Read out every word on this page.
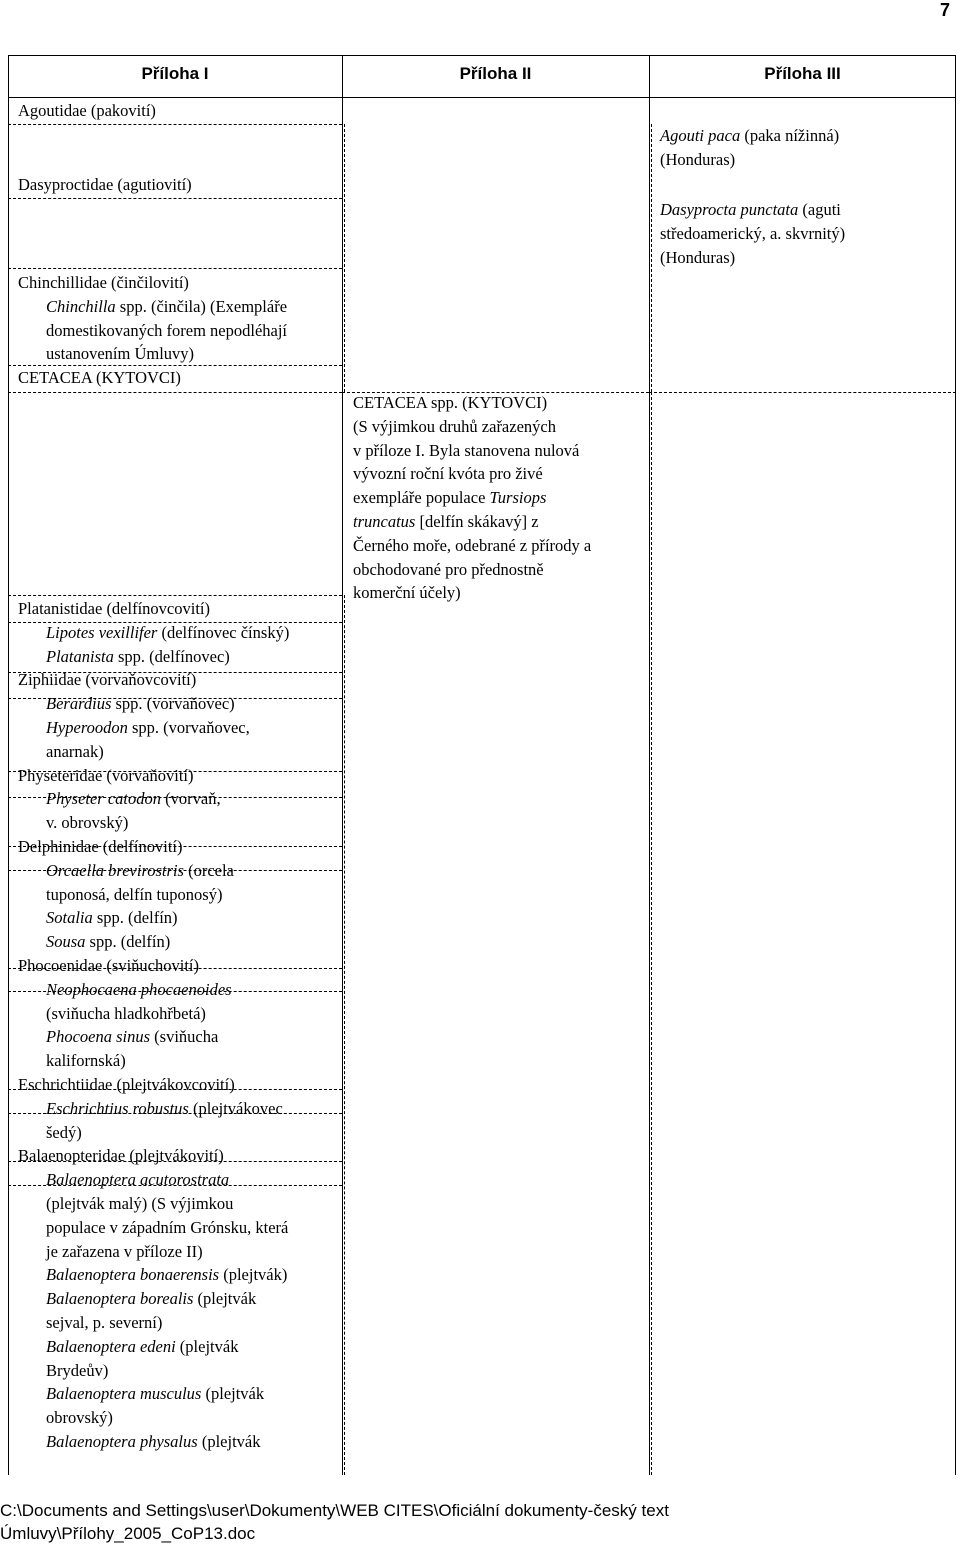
7
Příloha I	Příloha II	Příloha III
Agoutidae (pakovití)
Dasyproctidae (agutiovití)
Chinchillidae (činčilovití)
Chinchilla spp. (činčila) (Exempláře
domestikovaných forem nepodléhají
ustanovením Úmluvy)
CETACEA (KYTOVCI)
Platanistidae (delfínovcovití)
Lipotes vexillifer (delfínovec čínský)
Platanista spp. (delfínovec)
Ziphiidae (vorvaňovcovití)
Berardius spp. (vorvaňovec)
Hyperoodon spp. (vorvaňovec,
anarnak)
Physeteridae (vorvaňovití)
Physeter catodon (vorvaň,
v. obrovský)
Delphinidae (delfínovití)
Orcaella brevirostris (orcela
tuponosá, delfín tuponosý)
Sotalia spp. (delfín)
Sousa spp. (delfín)
Phocoenidae (sviňuchovití)
Neophocaena phocaenoides
(sviňucha hladkohřbetá)
Phocoena sinus (sviňucha
kalifornská)
Eschrichtiidae (plejtvákovcovití)
Eschrichtius robustus (plejtvákovec
šedý)
Balaenopteridae (plejtvákovití)
Balaenoptera acutorostrata
(plejtvák malý) (S výjimkou
populace v západním Grónsku, která
je zařazena v příloze II)
Balaenoptera bonaerensis (plejtvák)
Balaenoptera borealis (plejtvák
sejval, p. severní)
Balaenoptera edeni (plejtvák
Brydeův)
Balaenoptera musculus (plejtvák
obrovský)
Balaenoptera physalus (plejtvák
CETACEA spp. (KYTOVCI)
(S výjimkou druhů zařazených
v příloze I. Byla stanovena nulová
vývozní roční kvóta pro živé
exempláře populace Tursiops
truncatus [delfín skákavý] z
Černého moře, odebrané z přírody a
obchodované pro přednostně
komerční účely)
Agouti paca (paka nížinná)
(Honduras)
Dasyprocta punctata (aguti
středoamerický, a. skvrnitý)
(Honduras)
C:\Documents and Settings\user\Dokumenty\WEB CITES\Oficiální dokumenty-český text
Úmluvy\Přílohy_2005_CoP13.doc
